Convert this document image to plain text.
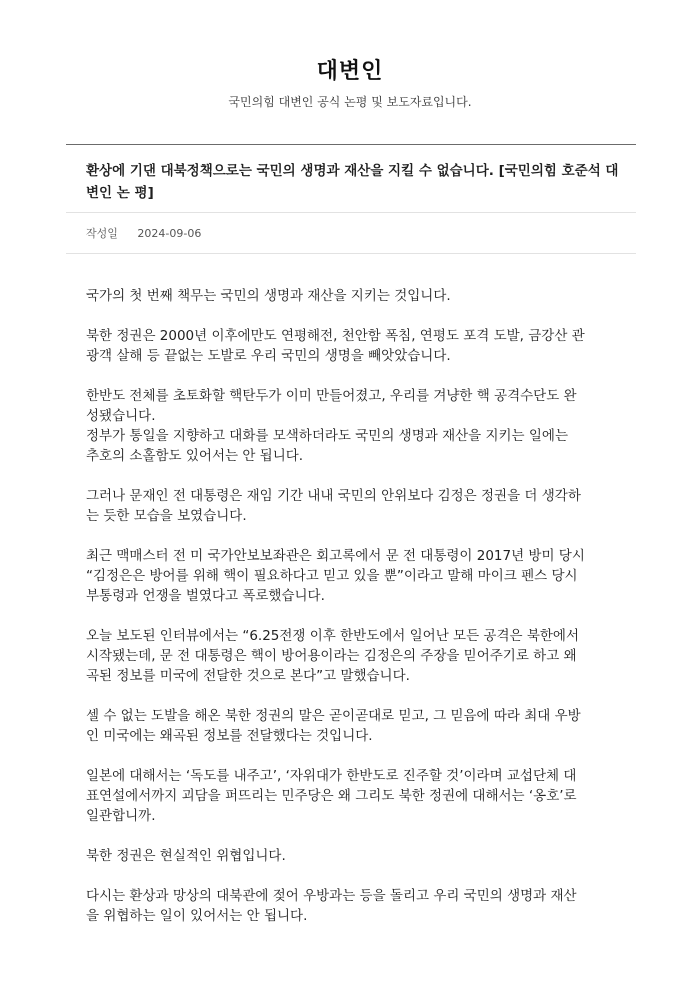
대변인
국민의힘 대변인 공식 논평 및 보도자료입니다.
환상에 기댄 대북정책으로는 국민의 생명과 재산을 지킬 수 없습니다. [국민의힘 호준석 대변인 논 평]
작성일 2024-09-06

국가의 첫 번째 책무는 국민의 생명과 재산을 지키는 것입니다.

북한 정권은 2000년 이후에만도 연평해전, 천안함 폭침, 연평도 포격 도발, 금강산 관
광객 살해 등 끝없는 도발로 우리 국민의 생명을 빼앗았습니다.

한반도 전체를 초토화할 핵탄두가 이미 만들어졌고, 우리를 겨냥한 핵 공격수단도 완
성됐습니다.
정부가 통일을 지향하고 대화를 모색하더라도 국민의 생명과 재산을 지키는 일에는
추호의 소홀함도 있어서는 안 됩니다.

그러나 문재인 전 대통령은 재임 기간 내내 국민의 안위보다 김정은 정권을 더 생각하
는 듯한 모습을 보였습니다.

최근 맥매스터 전 미 국가안보보좌관은 회고록에서 문 전 대통령이 2017년 방미 당시
“김정은은 방어를 위해 핵이 필요하다고 믿고 있을 뿐”이라고 말해 마이크 펜스 당시
부통령과 언쟁을 벌였다고 폭로했습니다.

오늘 보도된 인터뷰에서는 “6.25전쟁 이후 한반도에서 일어난 모든 공격은 북한에서
시작됐는데, 문 전 대통령은 핵이 방어용이라는 김정은의 주장을 믿어주기로 하고 왜
곡된 정보를 미국에 전달한 것으로 본다”고 말했습니다.

셀 수 없는 도발을 해온 북한 정권의 말은 곧이곧대로 믿고, 그 믿음에 따라 최대 우방
인 미국에는 왜곡된 정보를 전달했다는 것입니다.

일본에 대해서는 ‘독도를 내주고’, ‘자위대가 한반도로 진주할 것’이라며 교섭단체 대
표연설에서까지 괴담을 퍼뜨리는 민주당은 왜 그리도 북한 정권에 대해서는 ‘옹호’로
일관합니까.

북한 정권은 현실적인 위협입니다.

다시는 환상과 망상의 대북관에 젖어 우방과는 등을 돌리고 우리 국민의 생명과 재산
을 위협하는 일이 있어서는 안 됩니다.
